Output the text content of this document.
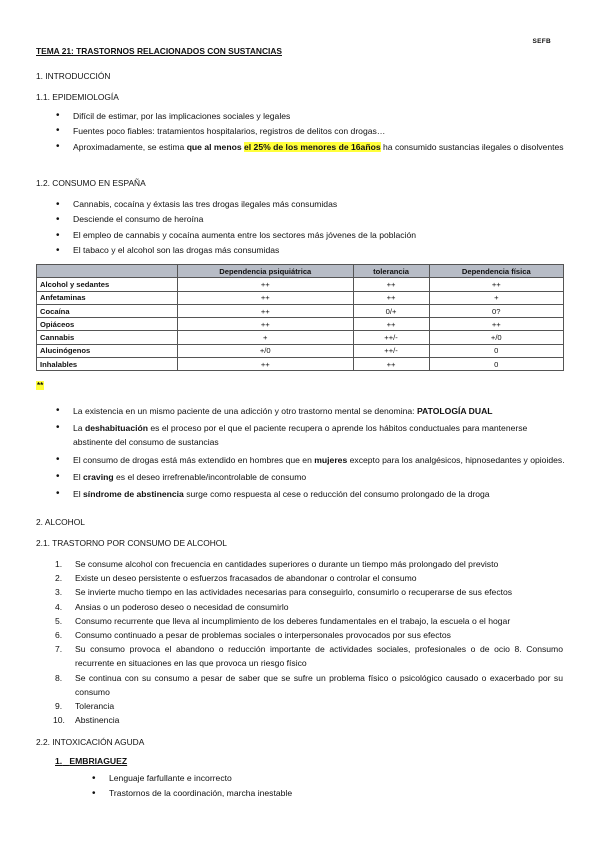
SEFB
TEMA 21: TRASTORNOS RELACIONADOS CON SUSTANCIAS
1. INTRODUCCIÓN
1.1. EPIDEMIOLOGÍA
• Difícil de estimar, por las implicaciones sociales y legales
• Fuentes poco fiables: tratamientos hospitalarios, registros de delitos con drogas…
• Aproximadamente, se estima que al menos el 25% de los menores de 16años ha consumido sustancias ilegales o disolventes
1.2. CONSUMO EN ESPAÑA
• Cannabis, cocaína y éxtasis las tres drogas ilegales más consumidas
• Desciende el consumo de heroína
• El empleo de cannabis y cocaína aumenta entre los sectores más jóvenes de la población
• El tabaco y el alcohol son las drogas más consumidas
	Dependencia psiquiátrica	tolerancia	Dependencia física
Alcohol y sedantes	++	++	++
Anfetaminas	++	++	+
Cocaína	++	0/+	0?
Opiáceos	++	++	++
Cannabis	+	++/-	+/0
Alucinógenos	+/0	++/-	0
Inhalables	++	++	0
**
• La existencia en un mismo paciente de una adicción y otro trastorno mental se denomina: PATOLOGÍA DUAL
• La deshabituación es el proceso por el que el paciente recupera o aprende los hábitos conductuales para mantenerse abstinente del consumo de sustancias
• El consumo de drogas está más extendido en hombres que en mujeres excepto para los analgésicos, hipnosedantes y opioides.
• El craving es el deseo irrefrenable/incontrolable de consumo
• El síndrome de abstinencia surge como respuesta al cese o reducción del consumo prolongado de la droga
2. ALCOHOL
2.1. TRASTORNO POR CONSUMO DE ALCOHOL
1. Se consume alcohol con frecuencia en cantidades superiores o durante un tiempo más prolongado del previsto
2. Existe un deseo persistente o esfuerzos fracasados de abandonar o controlar el consumo
3. Se invierte mucho tiempo en las actividades necesarias para conseguirlo, consumirlo o recuperarse de sus efectos
4. Ansias o un poderoso deseo o necesidad de consumirlo
5. Consumo recurrente que lleva al incumplimiento de los deberes fundamentales en el trabajo, la escuela o el hogar
6. Consumo continuado a pesar de problemas sociales o interpersonales provocados por sus efectos
7. Su consumo provoca el abandono o reducción importante de actividades sociales, profesionales o de ocio 8. Consumo recurrente en situaciones en las que provoca un riesgo físico
8. Se continua con su consumo a pesar de saber que se sufre un problema físico o psicológico causado o exacerbado por su consumo
9. Tolerancia
10. Abstinencia
2.2. INTOXICACIÓN AGUDA
1. EMBRIAGUEZ
• Lenguaje farfullante e incorrecto
• Trastornos de la coordinación, marcha inestable
